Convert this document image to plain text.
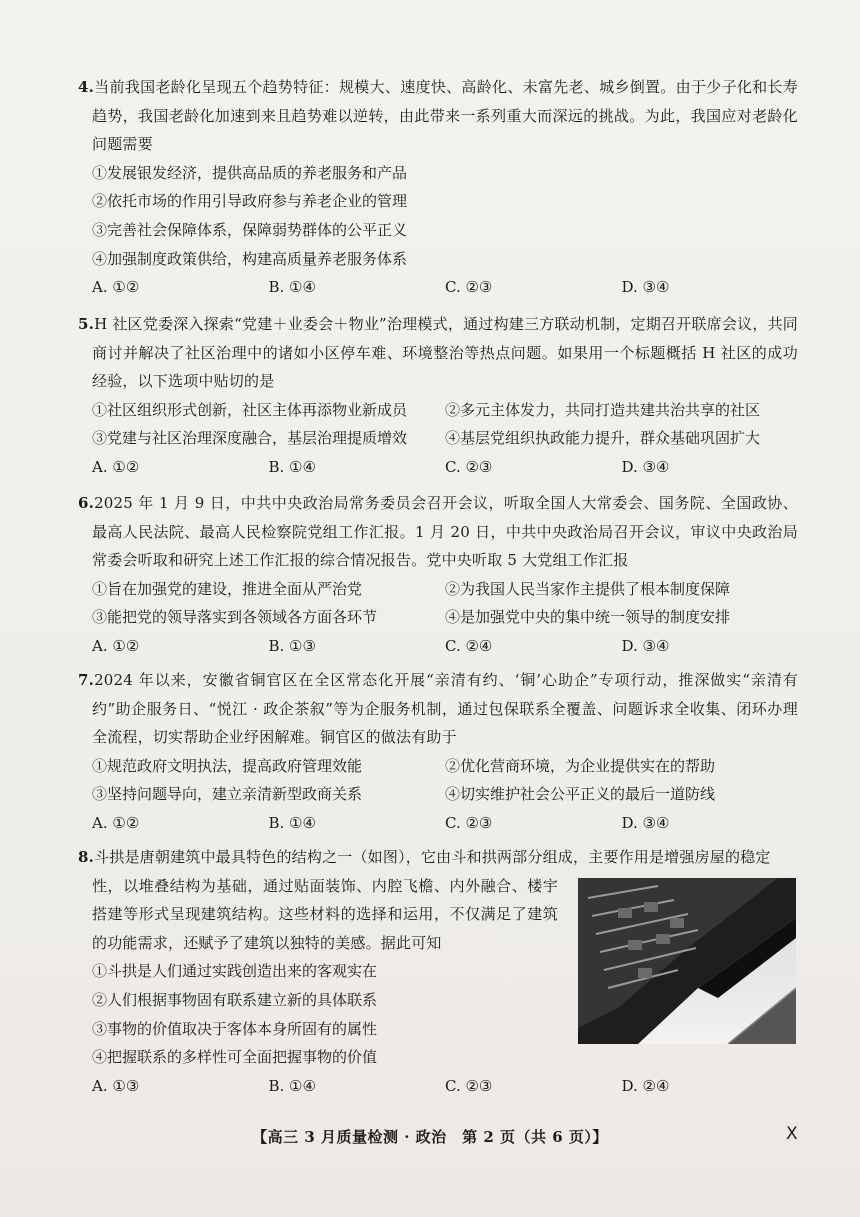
4.当前我国老龄化呈现五个趋势特征：规模大、速度快、高龄化、未富先老、城乡倒置。由于少子化和长寿趋势，我国老龄化加速到来且趋势难以逆转，由此带来一系列重大而深远的挑战。为此，我国应对老龄化问题需要
①发展银发经济，提供高品质的养老服务和产品
②依托市场的作用引导政府参与养老企业的管理
③完善社会保障体系，保障弱势群体的公平正义
④加强制度政策供给，构建高质量养老服务体系
A. ①②	B. ①④	C. ②③	D. ③④
5.H 社区党委深入探索“党建＋业委会＋物业”治理模式，通过构建三方联动机制，定期召开联席会议，共同商讨并解决了社区治理中的诸如小区停车难、环境整治等热点问题。如果用一个标题概括 H 社区的成功经验，以下选项中贴切的是
①社区组织形式创新，社区主体再添物业新成员	②多元主体发力，共同打造共建共治共享的社区
③党建与社区治理深度融合，基层治理提质增效	④基层党组织执政能力提升，群众基础巩固扩大
A. ①②	B. ①④	C. ②③	D. ③④
6.2025 年 1 月 9 日，中共中央政治局常务委员会召开会议，听取全国人大常委会、国务院、全国政协、最高人民法院、最高人民检察院党组工作汇报。1 月 20 日，中共中央政治局召开会议，审议中央政治局常委会听取和研究上述工作汇报的综合情况报告。党中央听取 5 大党组工作汇报
①旨在加强党的建设，推进全面从严治党	②为我国人民当家作主提供了根本制度保障
③能把党的领导落实到各领域各方面各环节	④是加强党中央的集中统一领导的制度安排
A. ①②	B. ①③	C. ②④	D. ③④
7.2024 年以来，安徽省铜官区在全区常态化开展“亲清有约、‘铜’心助企”专项行动，推深做实“亲清有约”助企服务日、“悦江 · 政企茶叙”等为企服务机制，通过包保联系全覆盖、问题诉求全收集、闭环办理全流程，切实帮助企业纾困解难。铜官区的做法有助于
①规范政府文明执法，提高政府管理效能	②优化营商环境，为企业提供实在的帮助
③坚持问题导向，建立亲清新型政商关系	④切实维护社会公平正义的最后一道防线
A. ①②	B. ①④	C. ②③	D. ③④
8.斗拱是唐朝建筑中最具特色的结构之一（如图），它由斗和拱两部分组成，主要作用是增强房屋的稳定
性，以堆叠结构为基础，通过贴面装饰、内腔飞檐、内外融合、楼宇搭建等形式呈现建筑结构。这些材料的选择和运用，不仅满足了建筑的功能需求，还赋予了建筑以独特的美感。据此可知
①斗拱是人们通过实践创造出来的客观实在
②人们根据事物固有联系建立新的具体联系
③事物的价值取决于客体本身所固有的属性
④把握联系的多样性可全面把握事物的价值
A. ①③	B. ①④	C. ②③	D. ②④
【高三 3 月质量检测 · 政治　第 2 页（共 6 页）】	X
